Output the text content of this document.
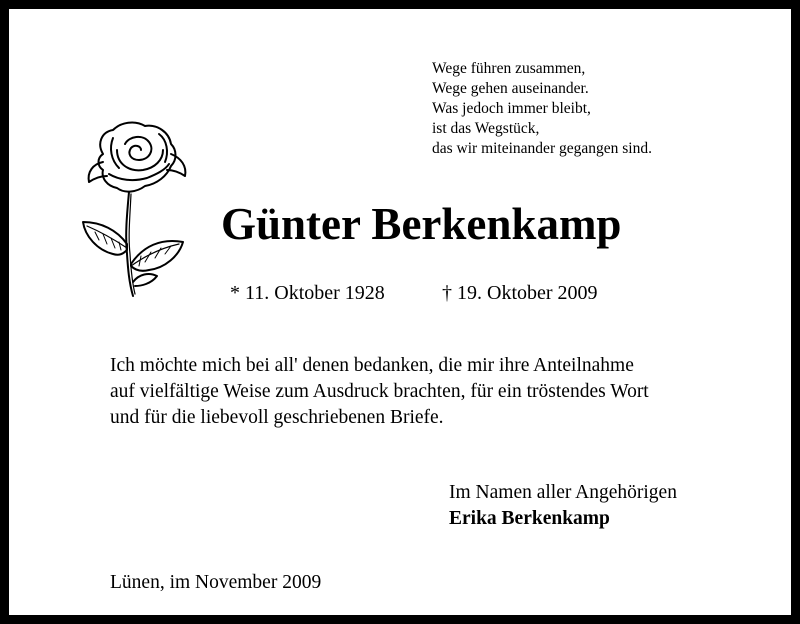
Wege führen zusammen,
Wege gehen auseinander.
Was jedoch immer bleibt,
ist das Wegstück,
das wir miteinander gegangen sind.
Günter Berkenkamp
* 11. Oktober 1928	† 19. Oktober 2009
Ich möchte mich bei all' denen bedanken, die mir ihre Anteilnahme
auf vielfältige Weise zum Ausdruck brachten, für ein tröstendes Wort
und für die liebevoll geschriebenen Briefe.
Im Namen aller Angehörigen
Erika Berkenkamp
Lünen, im November 2009
